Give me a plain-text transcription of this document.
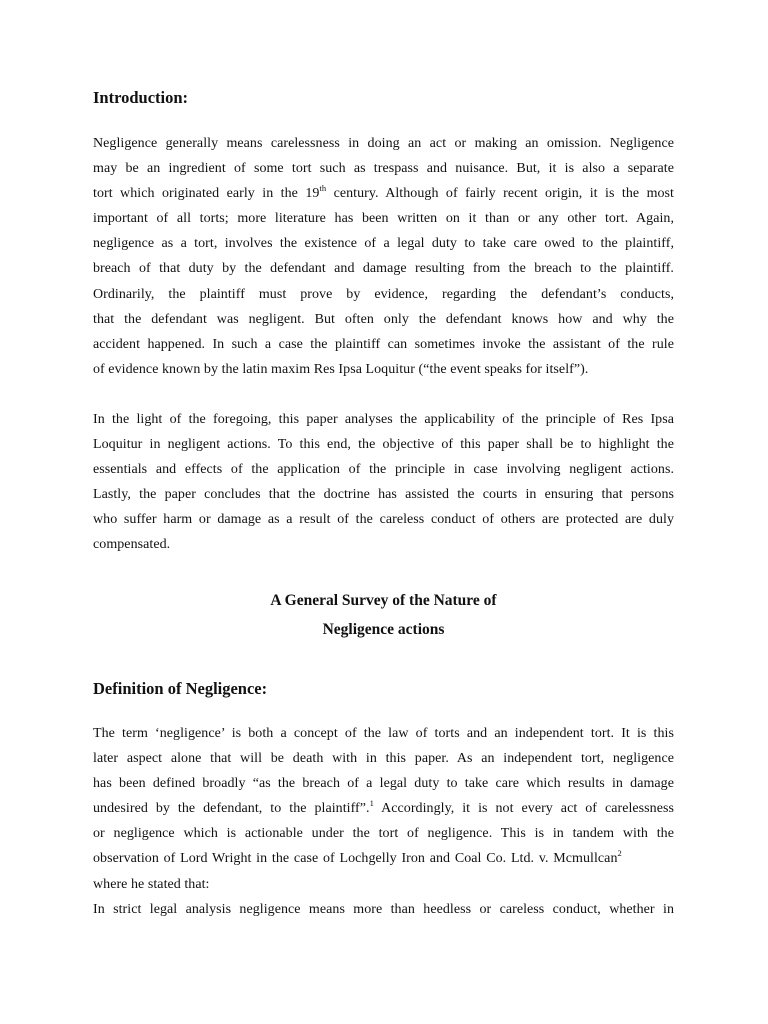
Introduction:
Negligence generally means carelessness in doing an act or making an omission. Negligence
may be an ingredient of some tort such as trespass and nuisance. But, it is also a separate
tort which originated early in the 19th century. Although of fairly recent origin, it is the most
important of all torts; more literature has been written on it than or any other tort. Again,
negligence as a tort, involves the existence of a legal duty to take care owed to the plaintiff,
breach of that duty by the defendant and damage resulting from the breach to the plaintiff.
Ordinarily, the plaintiff must prove by evidence, regarding the defendant’s conducts,
that the defendant was negligent. But often only the defendant knows how and why the
accident happened. In such a case the plaintiff can sometimes invoke the assistant of the rule
of evidence known by the latin maxim Res Ipsa Loquitur (“the event speaks for itself”).
In the light of the foregoing, this paper analyses the applicability of the principle of Res Ipsa
Loquitur in negligent actions. To this end, the objective of this paper shall be to highlight the
essentials and effects of the application of the principle in case involving negligent actions.
Lastly, the paper concludes that the doctrine has assisted the courts in ensuring that persons
who suffer harm or damage as a result of the careless conduct of others are protected are duly
compensated.
A General Survey of the Nature of
Negligence actions
Definition of Negligence:
The term ‘negligence’ is both a concept of the law of torts and an independent tort. It is this
later aspect alone that will be death with in this paper. As an independent tort, negligence
has been defined broadly “as the breach of a legal duty to take care which results in damage
undesired by the defendant, to the plaintiff”.$^1$ Accordingly, it is not every act of carelessness
or negligence which is actionable under the tort of negligence. This is in tandem with the
observation of Lord Wright in the case of Lochgelly Iron and Coal Co. Ltd. v. Mcmullcan$^2$
where he stated that:
In strict legal analysis negligence means more than heedless or careless conduct, whether in
